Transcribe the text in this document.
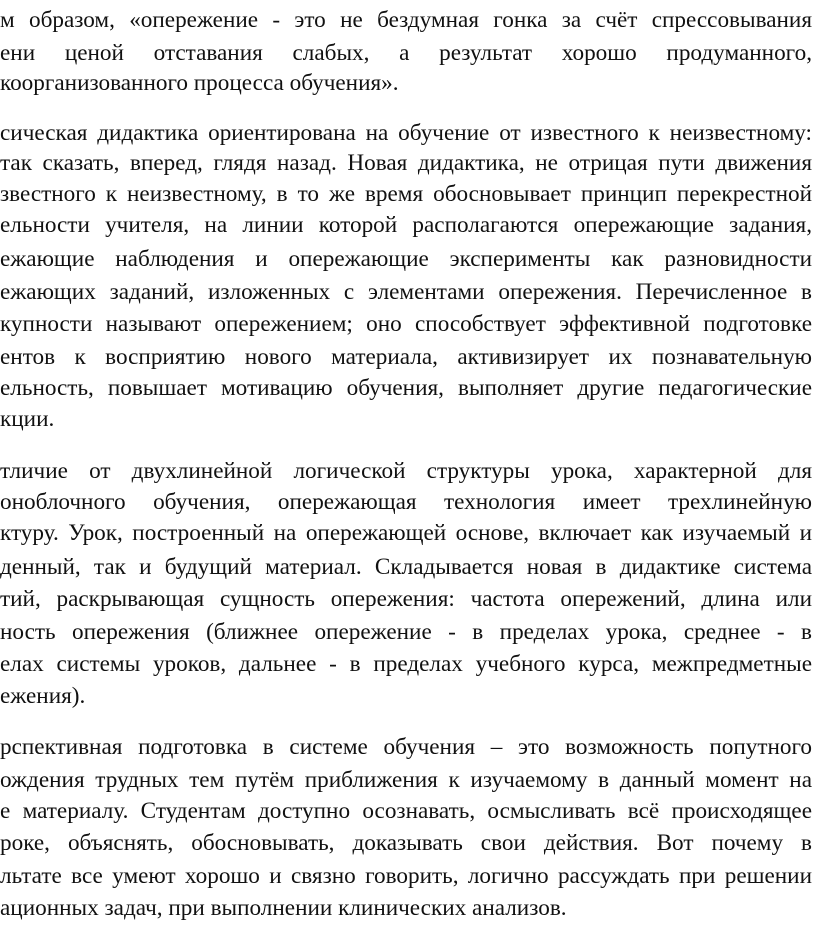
м образом, «опережение - это не бездумная гонка за счёт спрессовывания
ени ценой отставания слабых, а результат хорошо продуманного,
коорганизованного процесса обучения».
сическая дидактика ориентирована на обучение от известного к неизвестному:
так сказать, вперед, глядя назад. Новая дидактика, не отрицая пути движения
звестного к неизвестному, в то же время обосновывает принцип перекрестной
ельности учителя, на линии которой располагаются опережающие задания,
ежающие наблюдения и опережающие эксперименты как разновидности
ежающих заданий, изложенных с элементами опережения. Перечисленное в
купности называют опережением; оно способствует эффективной подготовке
ентов к восприятию нового материала, активизирует их познавательную
ельность, повышает мотивацию обучения, выполняет другие педагогические
кции.
тличие от двухлинейной логической структуры урока, характерной для
оноблочного обучения, опережающая технология имеет трехлинейную
ктуру. Урок, построенный на опережающей основе, включает как изучаемый и
денный, так и будущий материал. Складывается новая в дидактике система
тий, раскрывающая сущность опережения: частота опережений, длина или
ность опережения (ближнее опережение - в пределах урока, среднее - в
елах системы уроков, дальнее - в пределах учебного курса, межпредметные
ежения).
рспективная подготовка в системе обучения – это возможность попутного
ождения трудных тем путём приближения к изучаемому в данный момент на
е материалу. Студентам доступно осознавать, осмысливать всё происходящее
роке, объяснять, обосновывать, доказывать свои действия. Вот почему в
льтате все умеют хорошо и связно говорить, логично рассуждать при решении
ационных задач, при выполнении клинических анализов.
